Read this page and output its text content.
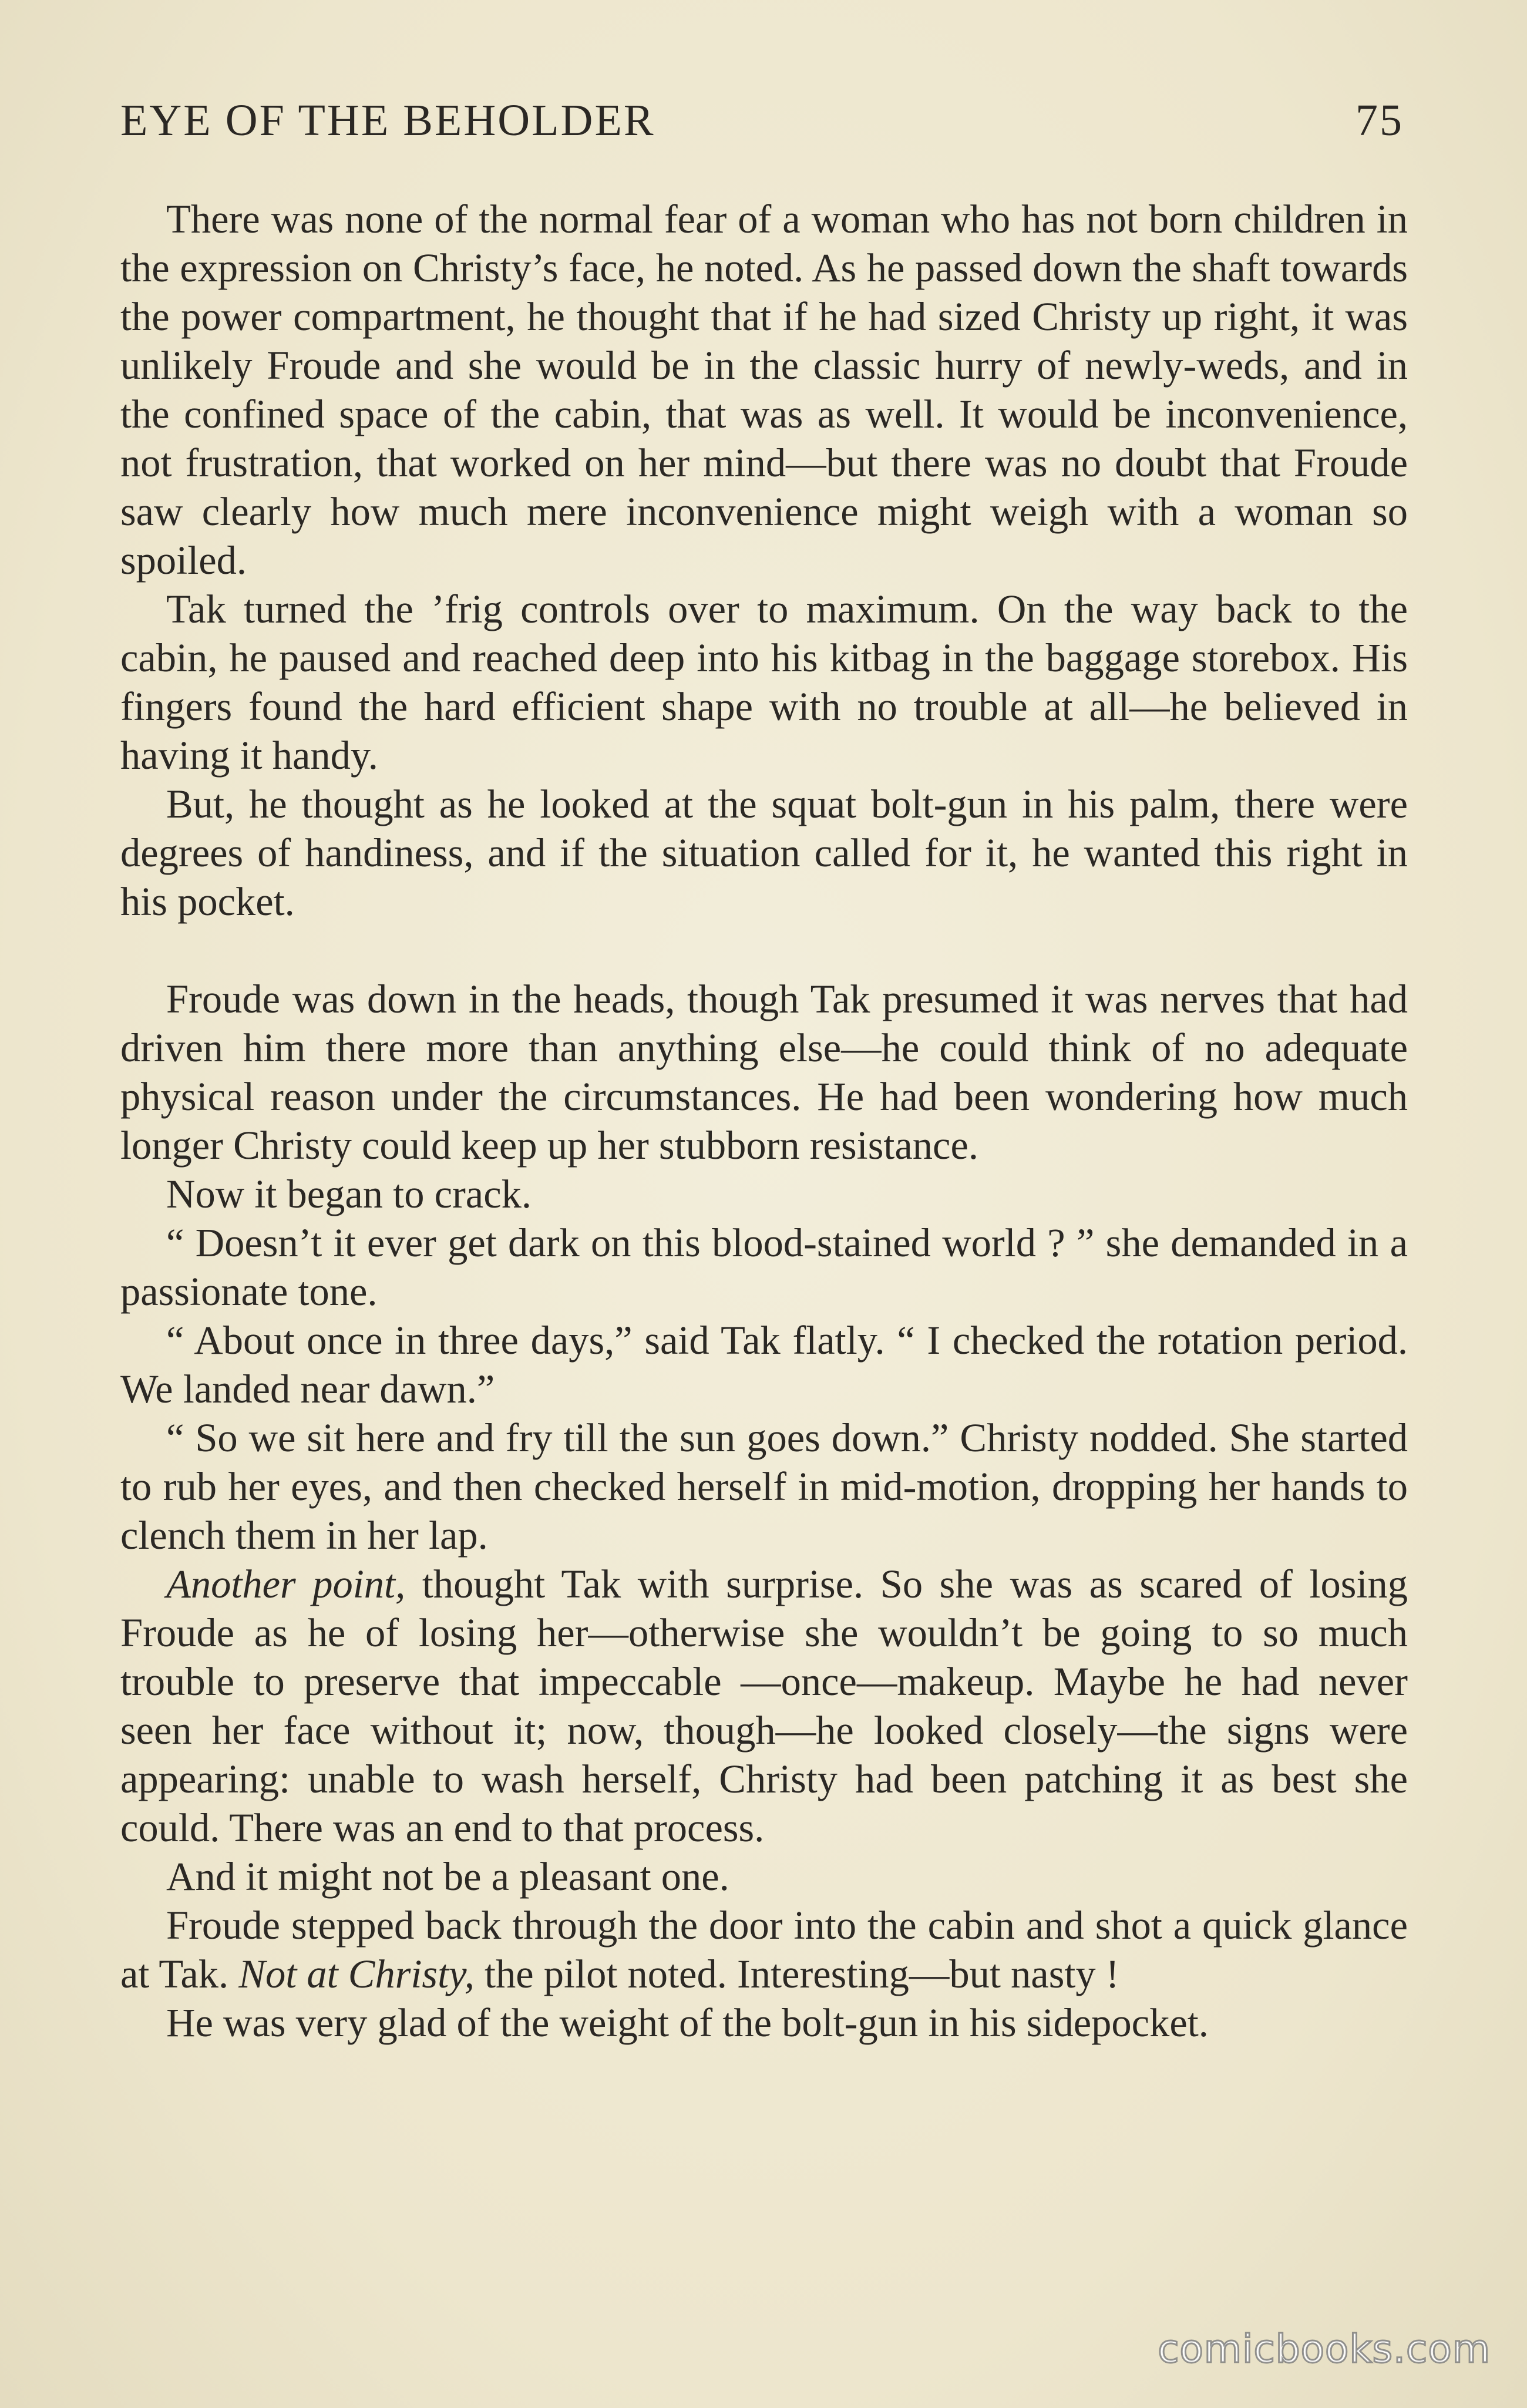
EYE OF THE BEHOLDER	75

There was none of the normal fear of a woman who has not born children in the expression on Christy’s face, he noted. As he passed down the shaft towards the power compartment, he thought that if he had sized Christy up right, it was unlikely Froude and she would be in the classic hurry of newly-weds, and in the confined space of the cabin, that was as well. It would be inconvenience, not frustration, that worked on her mind—but there was no doubt that Froude saw clearly how much mere inconvenience might weigh with a woman so spoiled.

Tak turned the ’frig controls over to maximum. On the way back to the cabin, he paused and reached deep into his kitbag in the baggage storebox. His fingers found the hard efficient shape with no trouble at all—he believed in having it handy.

But, he thought as he looked at the squat bolt-gun in his palm, there were degrees of handiness, and if the situation called for it, he wanted this right in his pocket.

Froude was down in the heads, though Tak presumed it was nerves that had driven him there more than anything else—he could think of no adequate physical reason under the circumstances. He had been wondering how much longer Christy could keep up her stubborn resistance.

Now it began to crack.

“ Doesn’t it ever get dark on this blood-stained world ? ” she demanded in a passionate tone.

“ About once in three days,” said Tak flatly. “ I checked the rotation period. We landed near dawn.”

“ So we sit here and fry till the sun goes down.” Christy nodded. She started to rub her eyes, and then checked herself in mid-motion, dropping her hands to clench them in her lap.

Another point, thought Tak with surprise. So she was as scared of losing Froude as he of losing her—otherwise she wouldn’t be going to so much trouble to preserve that impeccable —once—makeup. Maybe he had never seen her face without it; now, though—he looked closely—the signs were appearing: unable to wash herself, Christy had been patching it as best she could. There was an end to that process.

And it might not be a pleasant one.

Froude stepped back through the door into the cabin and shot a quick glance at Tak. Not at Christy, the pilot noted. Interesting—but nasty !

He was very glad of the weight of the bolt-gun in his sidepocket.

comicbooks.com
